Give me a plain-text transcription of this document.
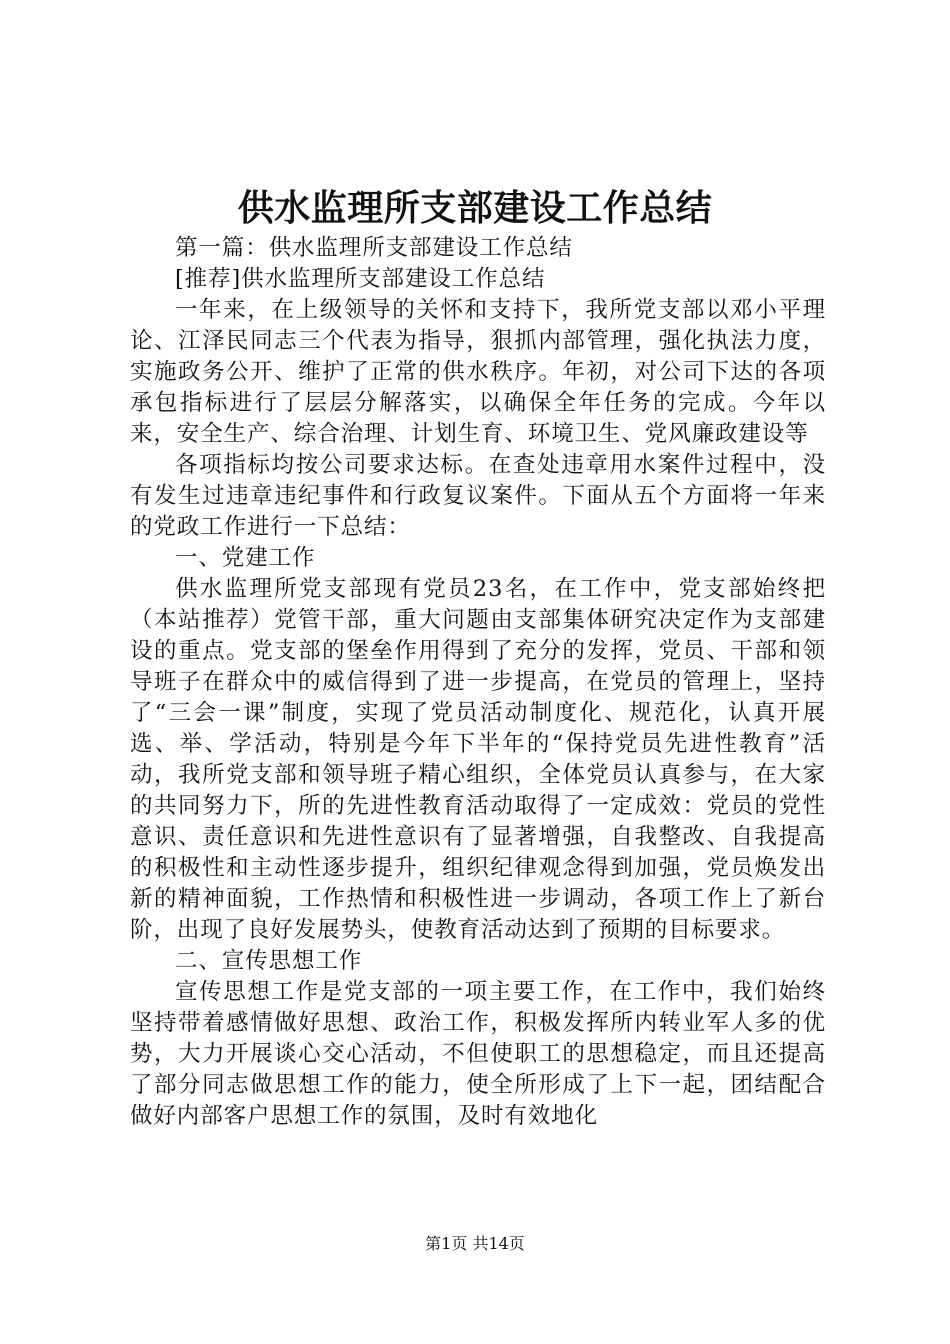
供水监理所支部建设工作总结

第一篇：供水监理所支部建设工作总结

[推荐]供水监理所支部建设工作总结

一年来，在上级领导的关怀和支持下，我所党支部以邓小平理论、江泽民同志三个代表为指导，狠抓内部管理，强化执法力度，实施政务公开、维护了正常的供水秩序。年初，对公司下达的各项承包指标进行了层层分解落实，以确保全年任务的完成。今年以来，安全生产、综合治理、计划生育、环境卫生、党风廉政建设等

各项指标均按公司要求达标。在查处违章用水案件过程中，没有发生过违章违纪事件和行政复议案件。下面从五个方面将一年来的党政工作进行一下总结：

一、党建工作

供水监理所党支部现有党员23名，在工作中，党支部始终把（本站推荐）党管干部，重大问题由支部集体研究决定作为支部建设的重点。党支部的堡垒作用得到了充分的发挥，党员、干部和领导班子在群众中的威信得到了进一步提高，在党员的管理上，坚持了“三会一课”制度，实现了党员活动制度化、规范化，认真开展选、举、学活动，特别是今年下半年的“保持党员先进性教育”活动，我所党支部和领导班子精心组织，全体党员认真参与，在大家的共同努力下，所的先进性教育活动取得了一定成效：党员的党性意识、责任意识和先进性意识有了显著增强，自我整改、自我提高的积极性和主动性逐步提升，组织纪律观念得到加强，党员焕发出新的精神面貌，工作热情和积极性进一步调动，各项工作上了新台阶，出现了良好发展势头，使教育活动达到了预期的目标要求。

二、宣传思想工作

宣传思想工作是党支部的一项主要工作，在工作中，我们始终坚持带着感情做好思想、政治工作，积极发挥所内转业军人多的优势，大力开展谈心交心活动，不但使职工的思想稳定，而且还提高了部分同志做思想工作的能力，使全所形成了上下一起，团结配合做好内部客户思想工作的氛围，及时有效地化

第1页 共14页
